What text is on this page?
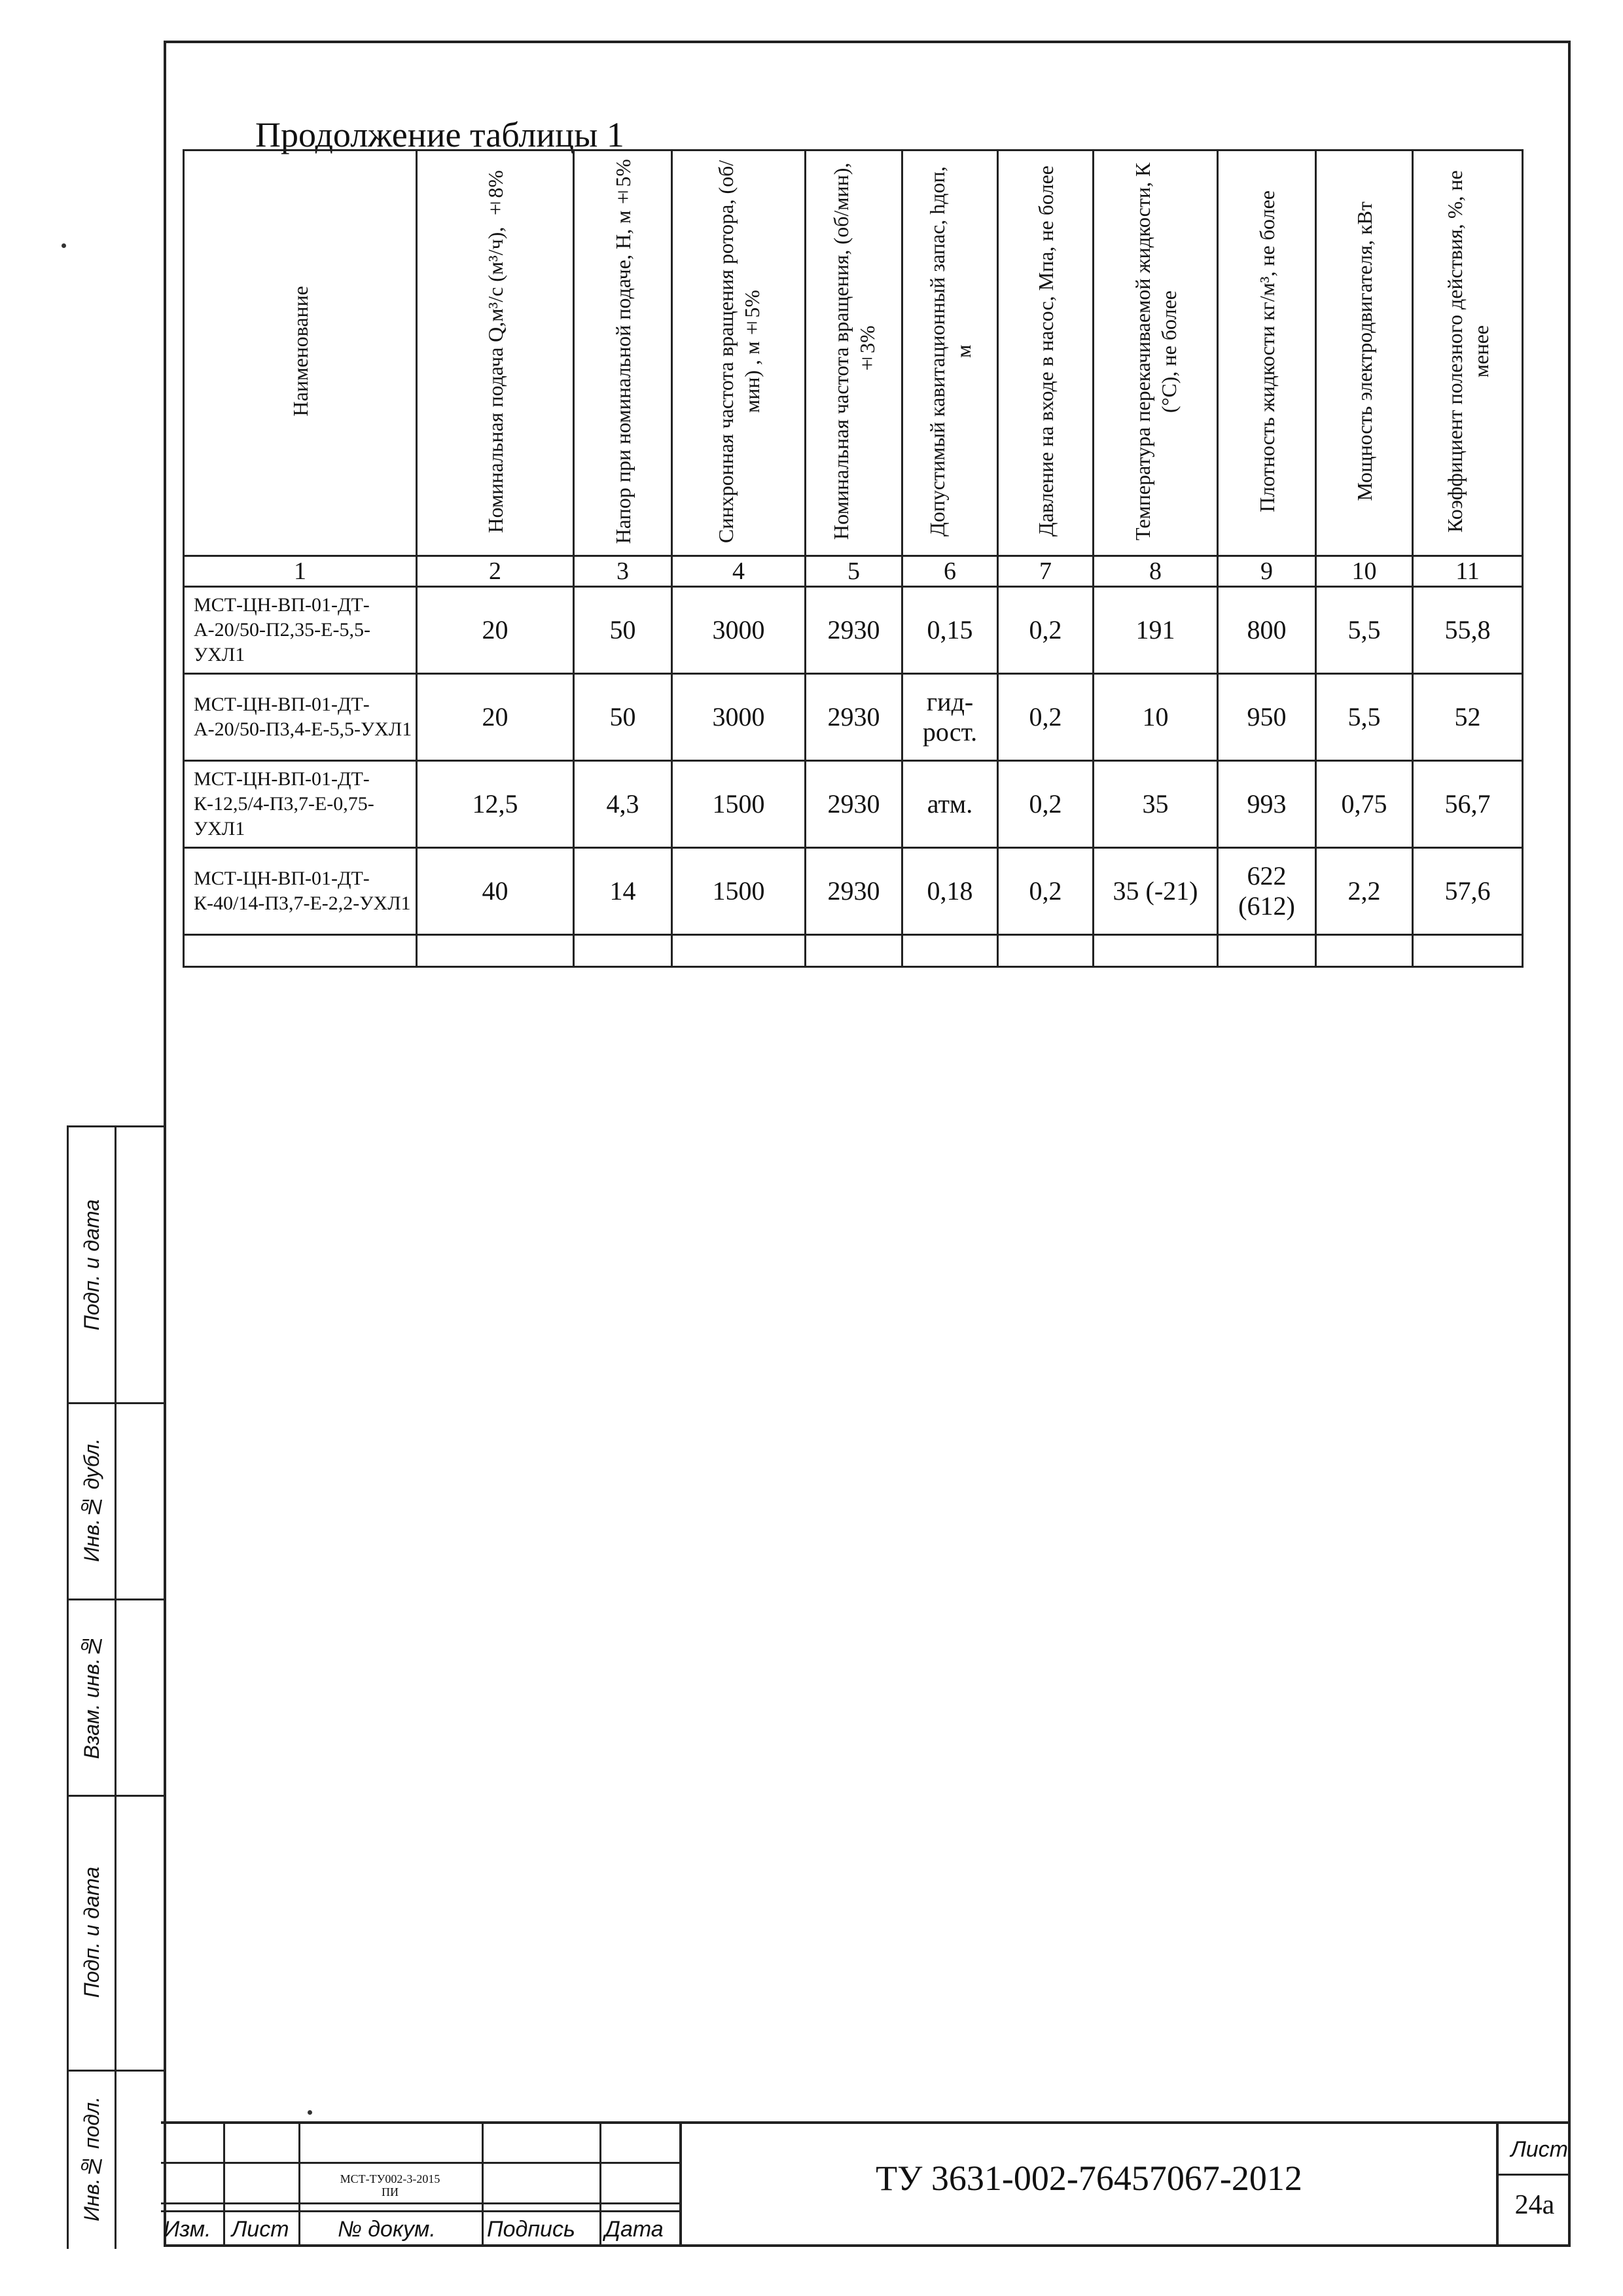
Продолжение таблицы 1
Наименование	Номинальная подача Q,м³/с (м³/ч), ±8%	Напор при номинальной подаче, Н, м±5%	Синхронная частота вращения ротора, (об/мин) , м±5%	Номинальная частота вращения, (об/мин), ±3%	Допустимый кавитационный запас, hдоп, м	Давление на входе в насос, Мпа, не более	Температура перекачиваемой жидкости, К (°С), не более	Плотность жидкости кг/м³, не более	Мощность электродвигателя, кВт	Коэффициент полезного действия, %, не менее
1	2	3	4	5	6	7	8	9	10	11
МСТ-ЦН-ВП-01-ДТ-А-20/50-П2,35-Е-5,5-УХЛ1	20	50	3000	2930	0,15	0,2	191	800	5,5	55,8
МСТ-ЦН-ВП-01-ДТ-А-20/50-П3,4-Е-5,5-УХЛ1	20	50	3000	2930	гид-рост.	0,2	10	950	5,5	52
МСТ-ЦН-ВП-01-ДТ-К-12,5/4-П3,7-Е-0,75-УХЛ1	12,5	4,3	1500	2930	атм.	0,2	35	993	0,75	56,7
МСТ-ЦН-ВП-01-ДТ-К-40/14-П3,7-Е-2,2-УХЛ1	40	14	1500	2930	0,18	0,2	35 (-21)	622 (612)	2,2	57,6

Подп. и дата
Инв.№ дубл.
Взам. инв.№
Подп. и дата
Инв.№ подл.	МСТ-ТУ002-3-2015
ПИ
Изм. Лист № докум. Подпись Дата
ТУ 3631-002-76457067-2012
Лист
24а
